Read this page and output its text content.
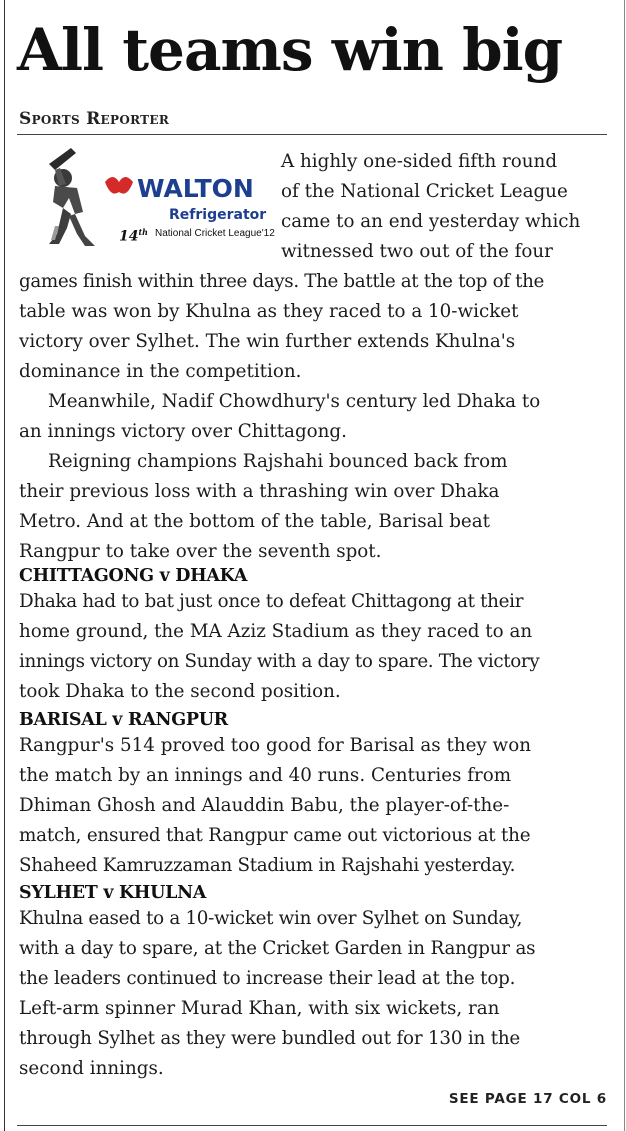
All teams win big

Sports Reporter

WALTON
Refrigerator
14th National Cricket League'12

A highly one-sided fifth round

of the National Cricket League

came to an end yesterday which

witnessed two out of the four

games finish within three days. The battle at the top of the

table was won by Khulna as they raced to a 10-wicket

victory over Sylhet. The win further extends Khulna's

dominance in the competition.

Meanwhile, Nadif Chowdhury's century led Dhaka to

an innings victory over Chittagong.

Reigning champions Rajshahi bounced back from

their previous loss with a thrashing win over Dhaka

Metro. And at the bottom of the table, Barisal beat

Rangpur to take over the seventh spot.

CHITTAGONG v DHAKA

Dhaka had to bat just once to defeat Chittagong at their

home ground, the MA Aziz Stadium as they raced to an

innings victory on Sunday with a day to spare. The victory

took Dhaka to the second position.

BARISAL v RANGPUR

Rangpur's 514 proved too good for Barisal as they won

the match by an innings and 40 runs. Centuries from

Dhiman Ghosh and Alauddin Babu, the player-of-the-

match, ensured that Rangpur came out victorious at the

Shaheed Kamruzzaman Stadium in Rajshahi yesterday.

SYLHET v KHULNA

Khulna eased to a 10-wicket win over Sylhet on Sunday,

with a day to spare, at the Cricket Garden in Rangpur as

the leaders continued to increase their lead at the top.

Left-arm spinner Murad Khan, with six wickets, ran

through Sylhet as they were bundled out for 130 in the

second innings.

SEE PAGE 17 COL 6
